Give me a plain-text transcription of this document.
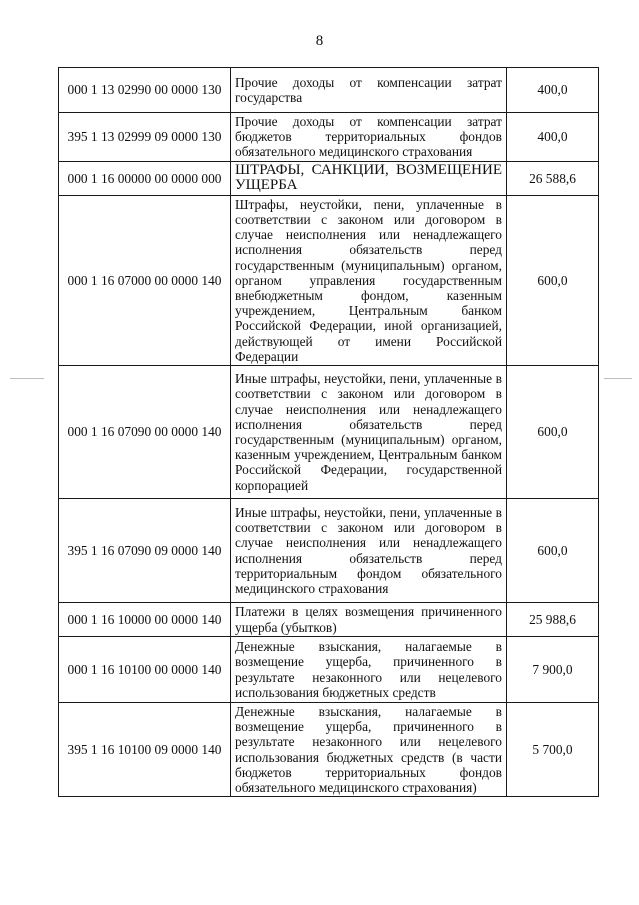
8
000 1 13 02990 00 0000 130	Прочие доходы от компенсации затрат государства	400,0
395 1 13 02999 09 0000 130	Прочие доходы от компенсации затрат бюджетов территориальных фондов обязательного медицинского страхования	400,0
000 1 16 00000 00 0000 000	ШТРАФЫ, САНКЦИИ, ВОЗМЕЩЕНИЕ УЩЕРБА	26 588,6
000 1 16 07000 00 0000 140	Штрафы, неустойки, пени, уплаченные в соответствии с законом или договором в случае неисполнения или ненадлежащего исполнения обязательств перед государственным (муниципальным) органом, органом управления государственным внебюджетным фондом, казенным учреждением, Центральным банком Российской Федерации, иной организацией, действующей от имени Российской Федерации	600,0
000 1 16 07090 00 0000 140	Иные штрафы, неустойки, пени, уплаченные в соответствии с законом или договором в случае неисполнения или ненадлежащего исполнения обязательств перед государственным (муниципальным) органом, казенным учреждением, Центральным банком Российской Федерации, государственной корпорацией	600,0
395 1 16 07090 09 0000 140	Иные штрафы, неустойки, пени, уплаченные в соответствии с законом или договором в случае неисполнения или ненадлежащего исполнения обязательств перед территориальным фондом обязательного медицинского страхования	600,0
000 1 16 10000 00 0000 140	Платежи в целях возмещения причиненного ущерба (убытков)	25 988,6
000 1 16 10100 00 0000 140	Денежные взыскания, налагаемые в возмещение ущерба, причиненного в результате незаконного или нецелевого использования бюджетных средств	7 900,0
395 1 16 10100 09 0000 140	Денежные взыскания, налагаемые в возмещение ущерба, причиненного в результате незаконного или нецелевого использования бюджетных средств (в части бюджетов территориальных фондов обязательного медицинского страхования)	5 700,0
